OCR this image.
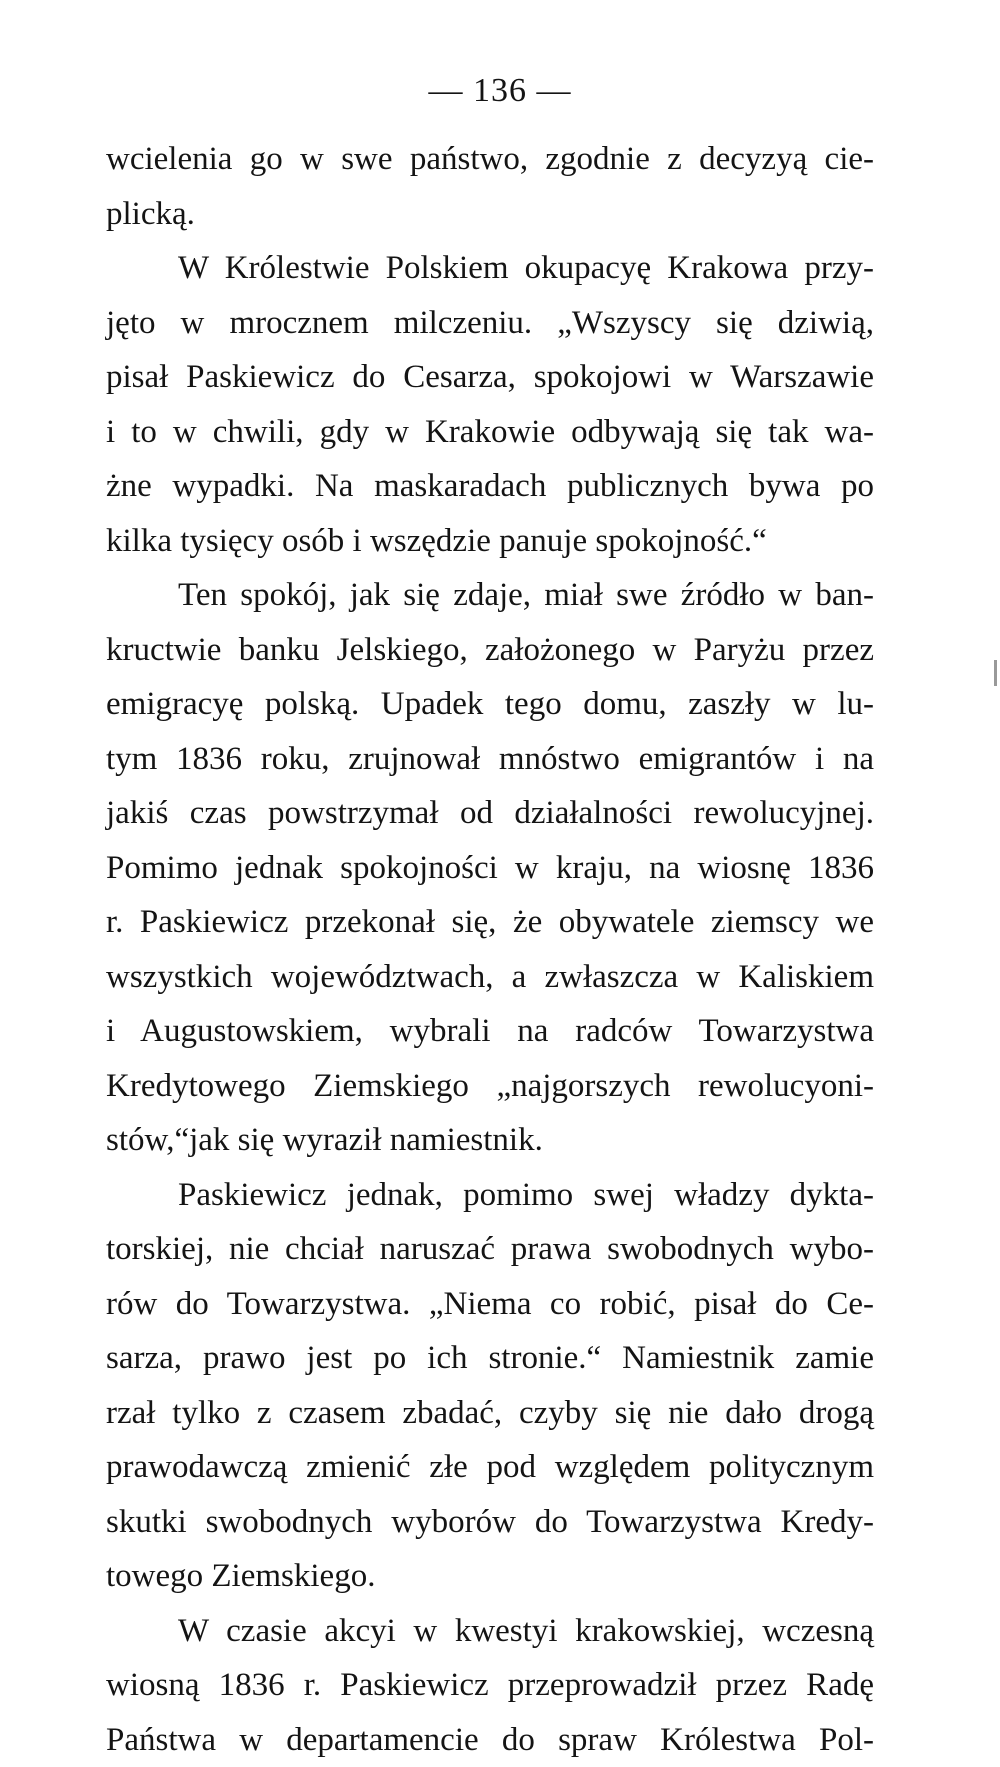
— 136 —
wcielenia go w swe państwo, zgodnie z decyzyą cie-
plicką.
W Królestwie Polskiem okupacyę Krakowa przy-
jęto w mrocznem milczeniu. „Wszyscy się dziwią,
pisał Paskiewicz do Cesarza, spokojowi w Warszawie
i to w chwili, gdy w Krakowie odbywają się tak wa-
żne wypadki. Na maskaradach publicznych bywa po
kilka tysięcy osób i wszędzie panuje spokojność.“
Ten spokój, jak się zdaje, miał swe źródło w ban-
kructwie banku Jelskiego, założonego w Paryżu przez
emigracyę polską. Upadek tego domu, zaszły w lu-
tym 1836 roku, zrujnował mnóstwo emigrantów i na
jakiś czas powstrzymał od działalności rewolucyjnej.
Pomimo jednak spokojności w kraju, na wiosnę 1836
r. Paskiewicz przekonał się, że obywatele ziemscy we
wszystkich województwach, a zwłaszcza w Kaliskiem
i Augustowskiem, wybrali na radców Towarzystwa
Kredytowego Ziemskiego „najgorszych rewolucyoni-
stów,“jak się wyraził namiestnik.
Paskiewicz jednak, pomimo swej władzy dykta-
torskiej, nie chciał naruszać prawa swobodnych wybo-
rów do Towarzystwa. „Niema co robić, pisał do Ce-
sarza, prawo jest po ich stronie.“ Namiestnik zamie
rzał tylko z czasem zbadać, czyby się nie dało drogą
prawodawczą zmienić złe pod względem politycznym
skutki swobodnych wyborów do Towarzystwa Kredy-
towego Ziemskiego.
W czasie akcyi w kwestyi krakowskiej, wczesną
wiosną 1836 r. Paskiewicz przeprowadził przez Radę
Państwa w departamencie do spraw Królestwa Pol-
